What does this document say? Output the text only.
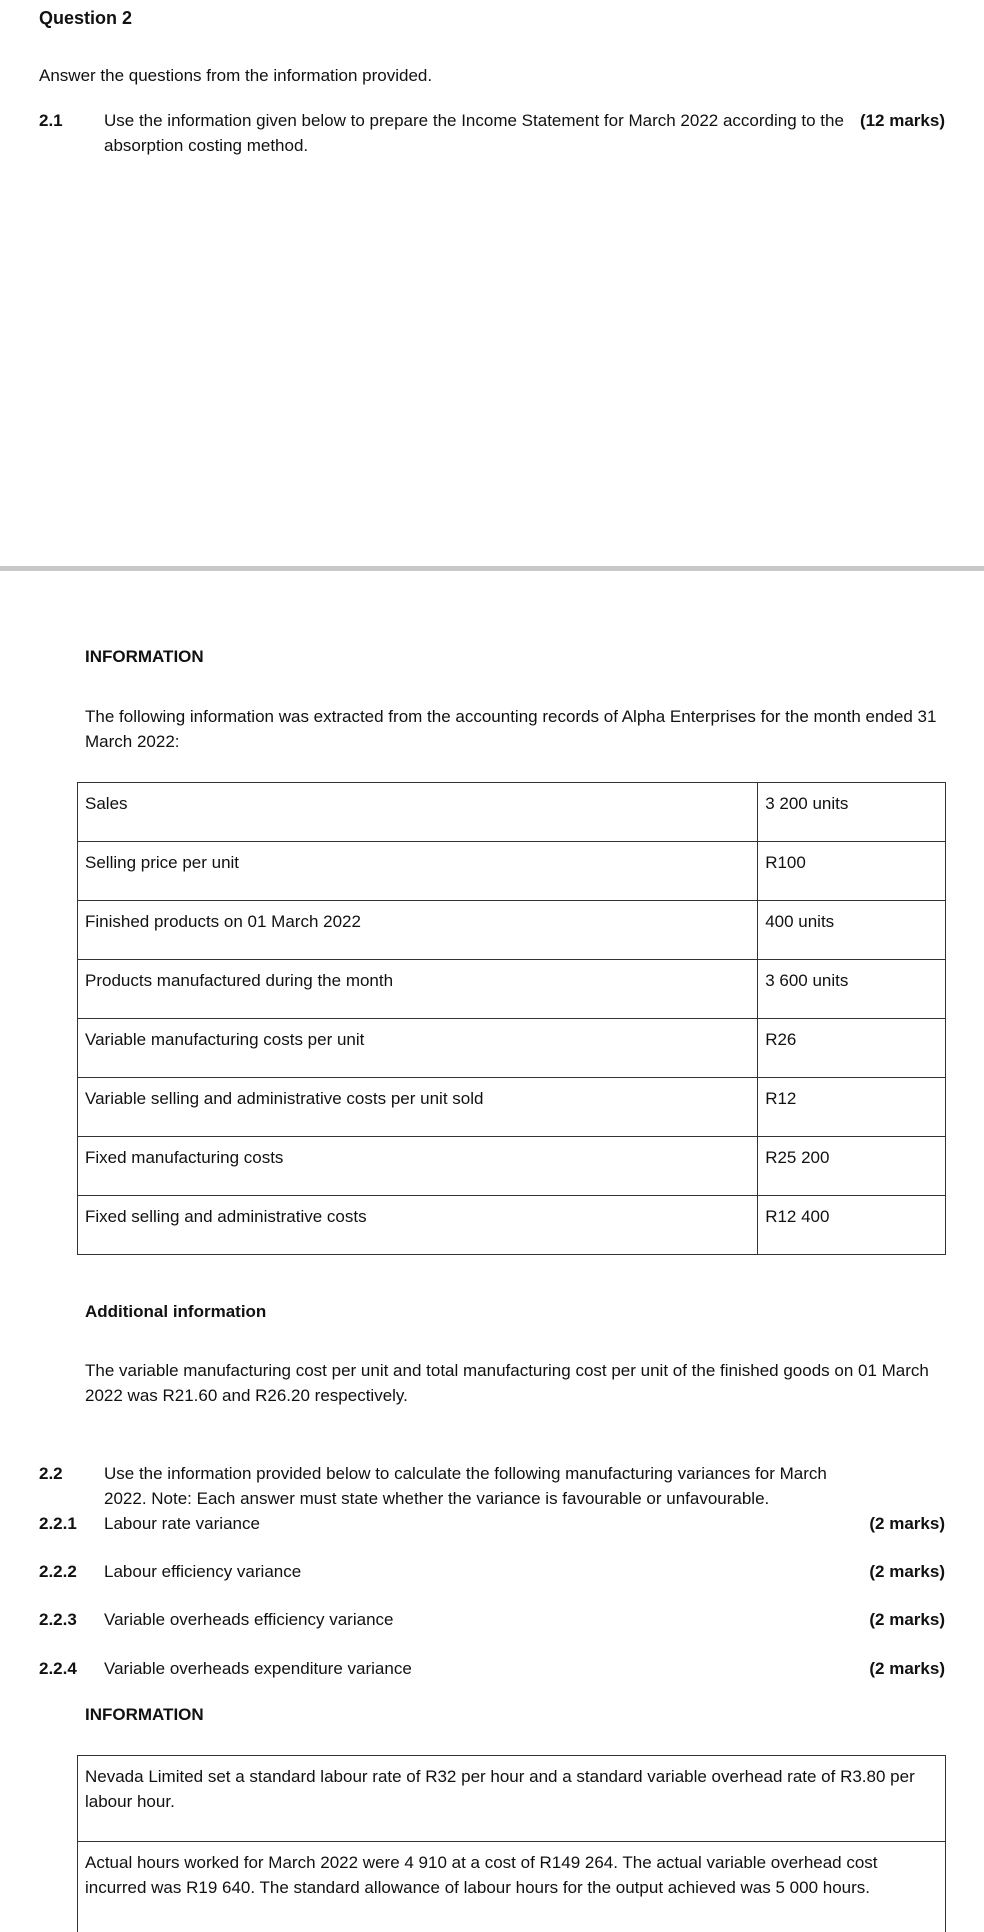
Question 2
Answer the questions from the information provided.
2.1 Use the information given below to prepare the Income Statement for March 2022 according to the absorption costing method.
(12 marks)
INFORMATION
The following information was extracted from the accounting records of Alpha Enterprises for the month ended 31 March 2022:
Sales	3 200 units
Selling price per unit	R100
Finished products on 01 March 2022	400 units
Products manufactured during the month	3 600 units
Variable manufacturing costs per unit	R26
Variable selling and administrative costs per unit sold	R12
Fixed manufacturing costs	R25 200
Fixed selling and administrative costs	R12 400
Additional information
The variable manufacturing cost per unit and total manufacturing cost per unit of the finished goods on 01 March 2022 was R21.60 and R26.20 respectively.
2.2 Use the information provided below to calculate the following manufacturing variances for March 2022. Note: Each answer must state whether the variance is favourable or unfavourable.
2.2.1 Labour rate variance	(2 marks)
2.2.2 Labour efficiency variance	(2 marks)
2.2.3 Variable overheads efficiency variance	(2 marks)
2.2.4 Variable overheads expenditure variance	(2 marks)
INFORMATION
Nevada Limited set a standard labour rate of R32 per hour and a standard variable overhead rate of R3.80 per labour hour.
Actual hours worked for March 2022 were 4 910 at a cost of R149 264. The actual variable overhead cost incurred was R19 640. The standard allowance of labour hours for the output achieved was 5 000 hours.
